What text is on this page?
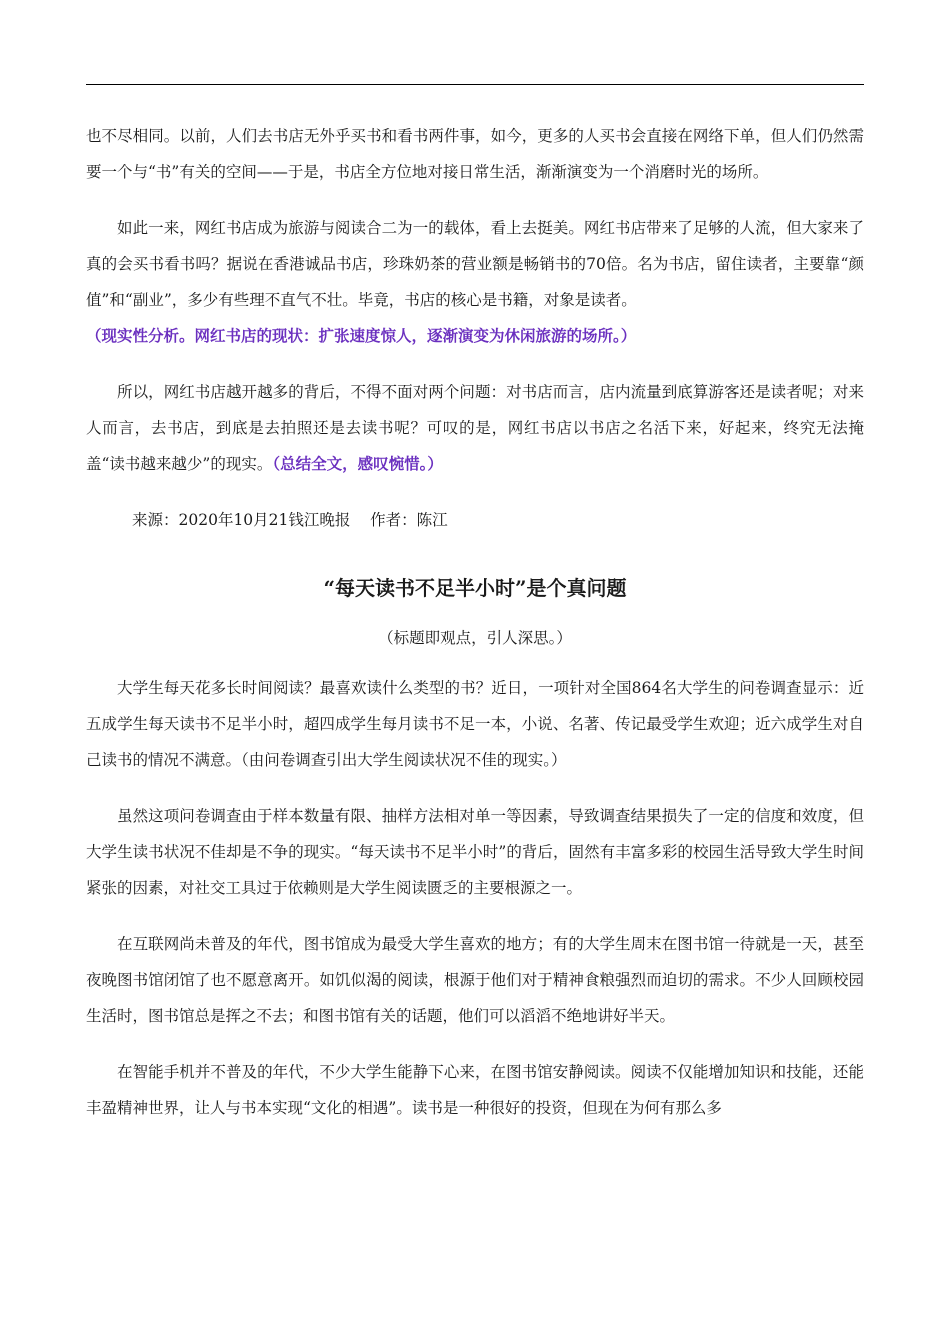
也不尽相同。以前，人们去书店无外乎买书和看书两件事，如今，更多的人买书会直接在网络下单，但人们仍然需要一个与“书”有关的空间——于是，书店全方位地对接日常生活，渐渐演变为一个消磨时光的场所。

如此一来，网红书店成为旅游与阅读合二为一的载体，看上去挺美。网红书店带来了足够的人流，但大家来了真的会买书看书吗？据说在香港诚品书店，珍珠奶茶的营业额是畅销书的70倍。名为书店，留住读者，主要靠“颜值”和“副业”，多少有些理不直气不壮。毕竟，书店的核心是书籍，对象是读者。

（现实性分析。网红书店的现状：扩张速度惊人，逐渐演变为休闲旅游的场所。）

所以，网红书店越开越多的背后，不得不面对两个问题：对书店而言，店内流量到底算游客还是读者呢；对来人而言，去书店，到底是去拍照还是去读书呢？可叹的是，网红书店以书店之名活下来，好起来，终究无法掩盖“读书越来越少”的现实。（总结全文，感叹惋惜。）

来源：2020年10月21钱江晚报    作者：陈江

“每天读书不足半小时”是个真问题

（标题即观点，引人深思。）

大学生每天花多长时间阅读？最喜欢读什么类型的书？近日，一项针对全国864名大学生的问卷调查显示：近五成学生每天读书不足半小时，超四成学生每月读书不足一本，小说、名著、传记最受学生欢迎；近六成学生对自己读书的情况不满意。（由问卷调查引出大学生阅读状况不佳的现实。）

虽然这项问卷调查由于样本数量有限、抽样方法相对单一等因素，导致调查结果损失了一定的信度和效度，但大学生读书状况不佳却是不争的现实。“每天读书不足半小时”的背后，固然有丰富多彩的校园生活导致大学生时间紧张的因素，对社交工具过于依赖则是大学生阅读匮乏的主要根源之一。

在互联网尚未普及的年代，图书馆成为最受大学生喜欢的地方；有的大学生周末在图书馆一待就是一天，甚至夜晚图书馆闭馆了也不愿意离开。如饥似渴的阅读，根源于他们对于精神食粮强烈而迫切的需求。不少人回顾校园生活时，图书馆总是挥之不去；和图书馆有关的话题，他们可以滔滔不绝地讲好半天。

在智能手机并不普及的年代，不少大学生能静下心来，在图书馆安静阅读。阅读不仅能增加知识和技能，还能丰盈精神世界，让人与书本实现“文化的相遇”。读书是一种很好的投资，但现在为何有那么多
